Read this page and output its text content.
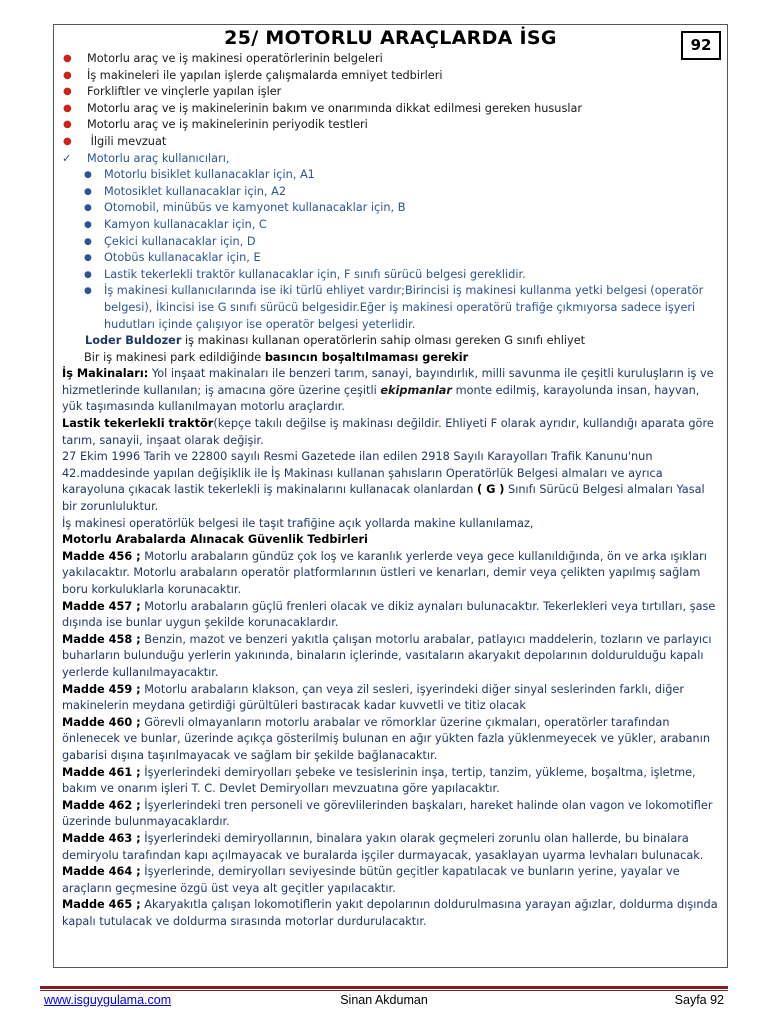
25/ MOTORLU ARAÇLARDA İSG	92
● Motorlu araç ve iş makinesi operatörlerinin belgeleri
● İş makineleri ile yapılan işlerde çalışmalarda emniyet tedbirleri
● Forkliftler ve vinçlerle yapılan işler
● Motorlu araç ve iş makinelerinin bakım ve onarımında dikkat edilmesi gereken hususlar
● Motorlu araç ve iş makinelerinin periyodik testleri
● İlgili mevzuat
✓ Motorlu araç kullanıcıları,
● Motorlu bisiklet kullanacaklar için, A1
● Motosiklet kullanacaklar için, A2
● Otomobil, minübüs ve kamyonet kullanacaklar için, B
● Kamyon kullanacaklar için, C
● Çekici kullanacaklar için, D
● Otobüs kullanacaklar için, E
● Lastik tekerlekli traktör kullanacaklar için, F sınıfı sürücü belgesi gereklidir.
● İş makinesi kullanıcılarında ise iki türlü ehliyet vardır;Birincisi iş makinesi kullanma yetki belgesi (operatör belgesi), İkincisi ise G sınıfı sürücü belgesidir.Eğer iş makinesi operatörü trafiğe çıkmıyorsa sadece işyeri hudutları içinde çalışıyor ise operatör belgesi yeterlidir.
Loder Buldozer iş makinası kullanan operatörlerin sahip olması gereken G sınıfı ehliyet
Bir iş makinesi park edildiğinde basıncın boşaltılmaması gerekir
İş Makinaları: Yol inşaat makinaları ile benzeri tarım, sanayi, bayındırlık, milli savunma ile çeşitli kuruluşların iş ve hizmetlerinde kullanılan; iş amacına göre üzerine çeşitli ekipmanlar monte edilmiş, karayolunda insan, hayvan, yük taşımasında kullanılmayan motorlu araçlardır.
Lastik tekerlekli traktör(kepçe takılı değilse iş makinası değildir. Ehliyeti F olarak ayrıdır, kullandığı aparata göre tarım, sanayii, inşaat olarak değişir.
27 Ekim 1996 Tarih ve 22800 sayılı Resmi Gazetede ilan edilen 2918 Sayılı Karayolları Trafik Kanunu'nun 42.maddesinde yapılan değişiklik ile İş Makinası kullanan şahısların Operatörlük Belgesi almaları ve ayrıca karayoluna çıkacak lastik tekerlekli iş makinalarını kullanacak olanlardan ( G ) Sınıfı Sürücü Belgesi almaları Yasal bir zorunluluktur.
İş makinesi operatörlük belgesi ile taşıt trafiğine açık yollarda makine kullanılamaz,
Motorlu Arabalarda Alınacak Güvenlik Tedbirleri
Madde 456 ; Motorlu arabaların gündüz çok loş ve karanlık yerlerde veya gece kullanıldığında, ön ve arka ışıkları yakılacaktır. Motorlu arabaların operatör platformlarının üstleri ve kenarları, demir veya çelikten yapılmış sağlam boru korkuluklarla korunacaktır.
Madde 457 ; Motorlu arabaların güçlü frenleri olacak ve dikiz aynaları bulunacaktır. Tekerlekleri veya tırtılları, şase dışında ise bunlar uygun şekilde korunacaklardır.
Madde 458 ; Benzin, mazot ve benzeri yakıtla çalışan motorlu arabalar, patlayıcı maddelerin, tozların ve parlayıcı buharların bulunduğu yerlerin yakınında, binaların içlerinde, vasıtaların akaryakıt depolarının doldurulduğu kapalı yerlerde kullanılmayacaktır.
Madde 459 ; Motorlu arabaların klakson, çan veya zil sesleri, işyerindeki diğer sinyal seslerinden farklı, diğer makinelerin meydana getirdiği gürültüleri bastıracak kadar kuvvetli ve titiz olacak
Madde 460 ; Görevli olmayanların motorlu arabalar ve römorklar üzerine çıkmaları, operatörler tarafından önlenecek ve bunlar, üzerinde açıkça gösterilmiş bulunan en ağır yükten fazla yüklenmeyecek ve yükler, arabanın gabarisi dışına taşırılmayacak ve sağlam bir şekilde bağlanacaktır.
Madde 461 ; İşyerlerindeki demiryolları şebeke ve tesislerinin inşa, tertip, tanzim, yükleme, boşaltma, işletme, bakım ve onarım işleri T. C. Devlet Demiryolları mevzuatına göre yapılacaktır.
Madde 462 ; İşyerlerindeki tren personeli ve görevlilerinden başkaları, hareket halinde olan vagon ve lokomotifler üzerinde bulunmayacaklardır.
Madde 463 ; İşyerlerindeki demiryollarının, binalara yakın olarak geçmeleri zorunlu olan hallerde, bu binalara demiryolu tarafından kapı açılmayacak ve buralarda işçiler durmayacak, yasaklayan uyarma levhaları bulunacak.
Madde 464 ; İşyerlerinde, demiryolları seviyesinde bütün geçitler kapatılacak ve bunların yerine, yayalar ve araçların geçmesine özgü üst veya alt geçitler yapılacaktır.
Madde 465 ; Akaryakıtla çalışan lokomotiflerin yakıt depolarının doldurulmasına yarayan ağızlar, doldurma dışında kapalı tutulacak ve doldurma sırasında motorlar durdurulacaktır.
www.isguygulama.com	Sinan Akduman	Sayfa 92
